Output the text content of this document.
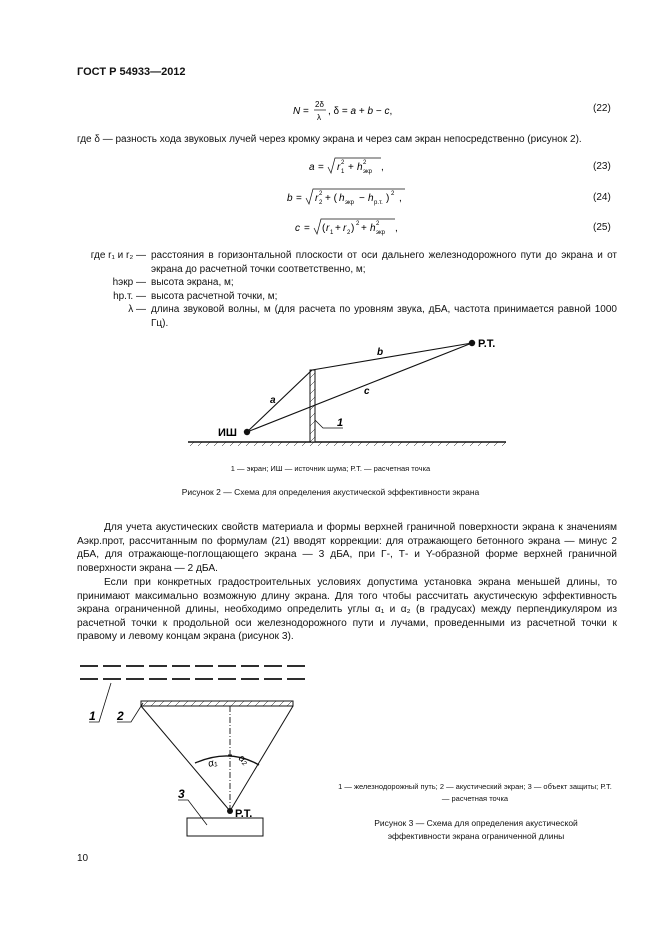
ГОСТ Р 54933—2012
N =
2δ
λ
, δ = a + b − c,	(22)
где δ — разность хода звуковых лучей через кромку экрана и через сам экран непосредственно (рисунок 2).
a = r 2
1 + h 2
экр ,	(23)
b = r 2
2 + ( h экр − h р.т. ) 2 ,	(24)
c = ( r 1 + r 2 ) 2 + h 2
экр ,	(25)
где r₁ и r₂ — расстояния в горизонтальной плоскости от оси дальнего железнодорожного пути до экрана и от экрана до расчетной точки соответственно, м;
hэкр — высота экрана, м;
hр.т. — высота расчетной точки, м;
λ — длина звуковой волны, м (для расчета по уровням звука, дБА, частота принимается равной 1000 Гц).
Р.Т.
ИШ
a
b
c
1
1 — экран; ИШ — источник шума; Р.Т. — расчетная точка
Рисунок 2 — Схема для определения акустической эффективности экрана
Для учета акустических свойств материала и формы верхней граничной поверхности экрана к значениям Aэкр.прот, рассчитанным по формулам (21) вводят коррекции: для отражающего бетонного экрана — минус 2 дБА, для отражающе-поглощающего экрана — 3 дБА, при Г-, Т- и Y-образной форме верхней граничной поверхности экрана — 2 дБА.
Если при конкретных градостроительных условиях допустима установка экрана меньшей длины, то принимают максимально возможную длину экрана. Для того чтобы рассчитать акустическую эффективность экрана ограниченной длины, необходимо определить углы α₁ и α₂ (в градусах) между перпендикуляром из расчетной точки к продольной оси железнодорожного пути и лучами, проведенными из расчетной точки к правому и левому концам экрана (рисунок 3).
1 2
3
Р.Т.
α₁ α₂
1 — железнодорожный путь; 2 — акустический экран; 3 — объект защиты; Р.Т. — расчетная точка
Рисунок 3 — Схема для определения акустической эффективности экрана ограниченной длины
10
